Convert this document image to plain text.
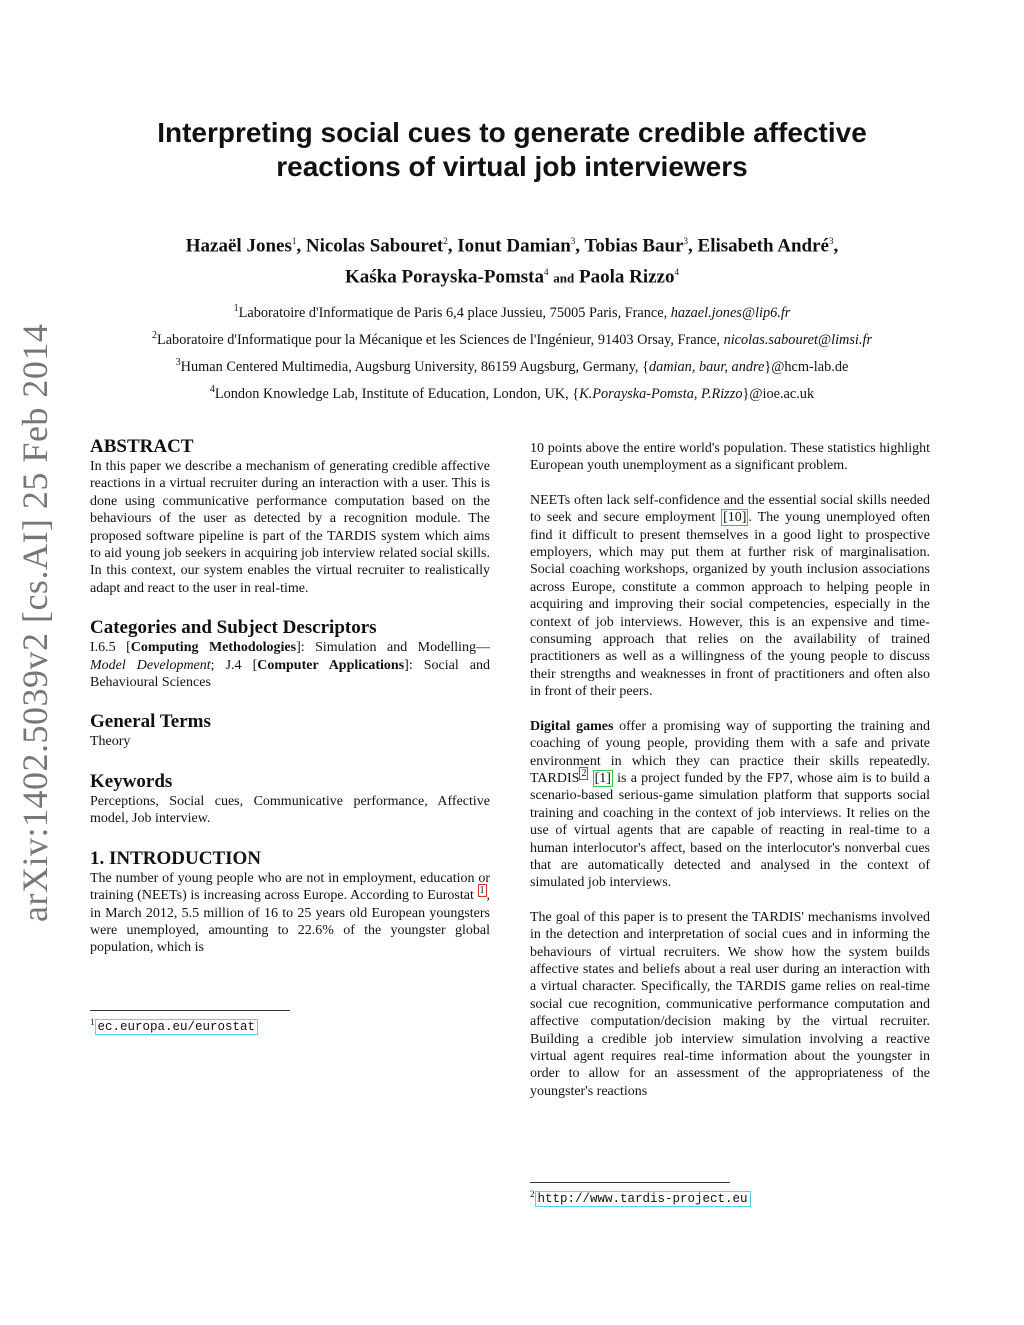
Interpreting social cues to generate credible affective
reactions of virtual job interviewers
Hazaël Jones$^1$, Nicolas Sabouret$^2$, Ionut Damian$^3$, Tobias Baur$^3$, Elisabeth André$^3$,
Kaśka Porayska-Pomsta$^4$ and Paola Rizzo$^4$
$^1$Laboratoire d'Informatique de Paris 6,4 place Jussieu, 75005 Paris, France, hazael.jones@lip6.fr
$^2$Laboratoire d'Informatique pour la Mécanique et les Sciences de l'Ingénieur, 91403 Orsay, France, nicolas.sabouret@limsi.fr
$^3$Human Centered Multimedia, Augsburg University, 86159 Augsburg, Germany, {damian, baur, andre}@hcm-lab.de
$^4$London Knowledge Lab, Institute of Education, London, UK, {K.Porayska-Pomsta, P.Rizzo}@ioe.ac.uk
arXiv:1402.5039v2 [cs.AI] 25 Feb 2014 ABSTRACT

In this paper we describe a mechanism of generating credible affective reactions in a virtual recruiter during an interaction with a user. This is done using communicative performance computation based on the behaviours of the user as detected by a recognition module. The proposed software pipeline is part of the TARDIS system which aims to aid young job seekers in acquiring job interview related social skills. In this context, our system enables the virtual recruiter to realistically adapt and react to the user in real-time.

Categories and Subject Descriptors

I.6.5 [Computing Methodologies]: Simulation and Modelling—Model Development; J.4 [Computer Applications]: Social and Behavioural Sciences

General Terms

Theory

Keywords

Perceptions, Social cues, Communicative performance, Affective model, Job interview.

1. INTRODUCTION

The number of young people who are not in employment, education or training (NEETs) is increasing across Europe. According to Eurostat $^1$ , in March 2012, 5.5 million of 16 to 25 years old European youngsters were unemployed, amounting to 22.6% of the youngster global population, which is

$^1$ ec.europa.eu/eurostat

10 points above the entire world's population. These statistics highlight European youth unemployment as a significant problem.

NEETs often lack self-confidence and the essential social skills needed to seek and secure employment [10] . The young unemployed often find it difficult to present themselves in a good light to prospective employers, which may put them at further risk of marginalisation. Social coaching workshops, organized by youth inclusion associations across Europe, constitute a common approach to helping people in acquiring and improving their social competencies, especially in the context of job interviews. However, this is an expensive and time-consuming approach that relies on the availability of trained practitioners as well as a willingness of the young people to discuss their strengths and weaknesses in front of practitioners and often also in front of their peers.

Digital games offer a promising way of supporting the training and coaching of young people, providing them with a safe and private environment in which they can practice their skills repeatedly. TARDIS $^2$ [1] is a project funded by the FP7, whose aim is to build a scenario-based serious-game simulation platform that supports social training and coaching in the context of job interviews. It relies on the use of virtual agents that are capable of reacting in real-time to a human interlocutor's affect, based on the interlocutor's nonverbal cues that are automatically detected and analysed in the context of simulated job interviews.

The goal of this paper is to present the TARDIS' mechanisms involved in the detection and interpretation of social cues and in informing the behaviours of virtual recruiters. We show how the system builds affective states and beliefs about a real user during an interaction with a virtual character. Specifically, the TARDIS game relies on real-time social cue recognition, communicative performance computation and affective computation/decision making by the virtual recruiter. Building a credible job interview simulation involving a reactive virtual agent requires real-time information about the youngster in order to allow for an assessment of the appropriateness of the youngster's reactions

$^2$ http://www.tardis-project.eu
